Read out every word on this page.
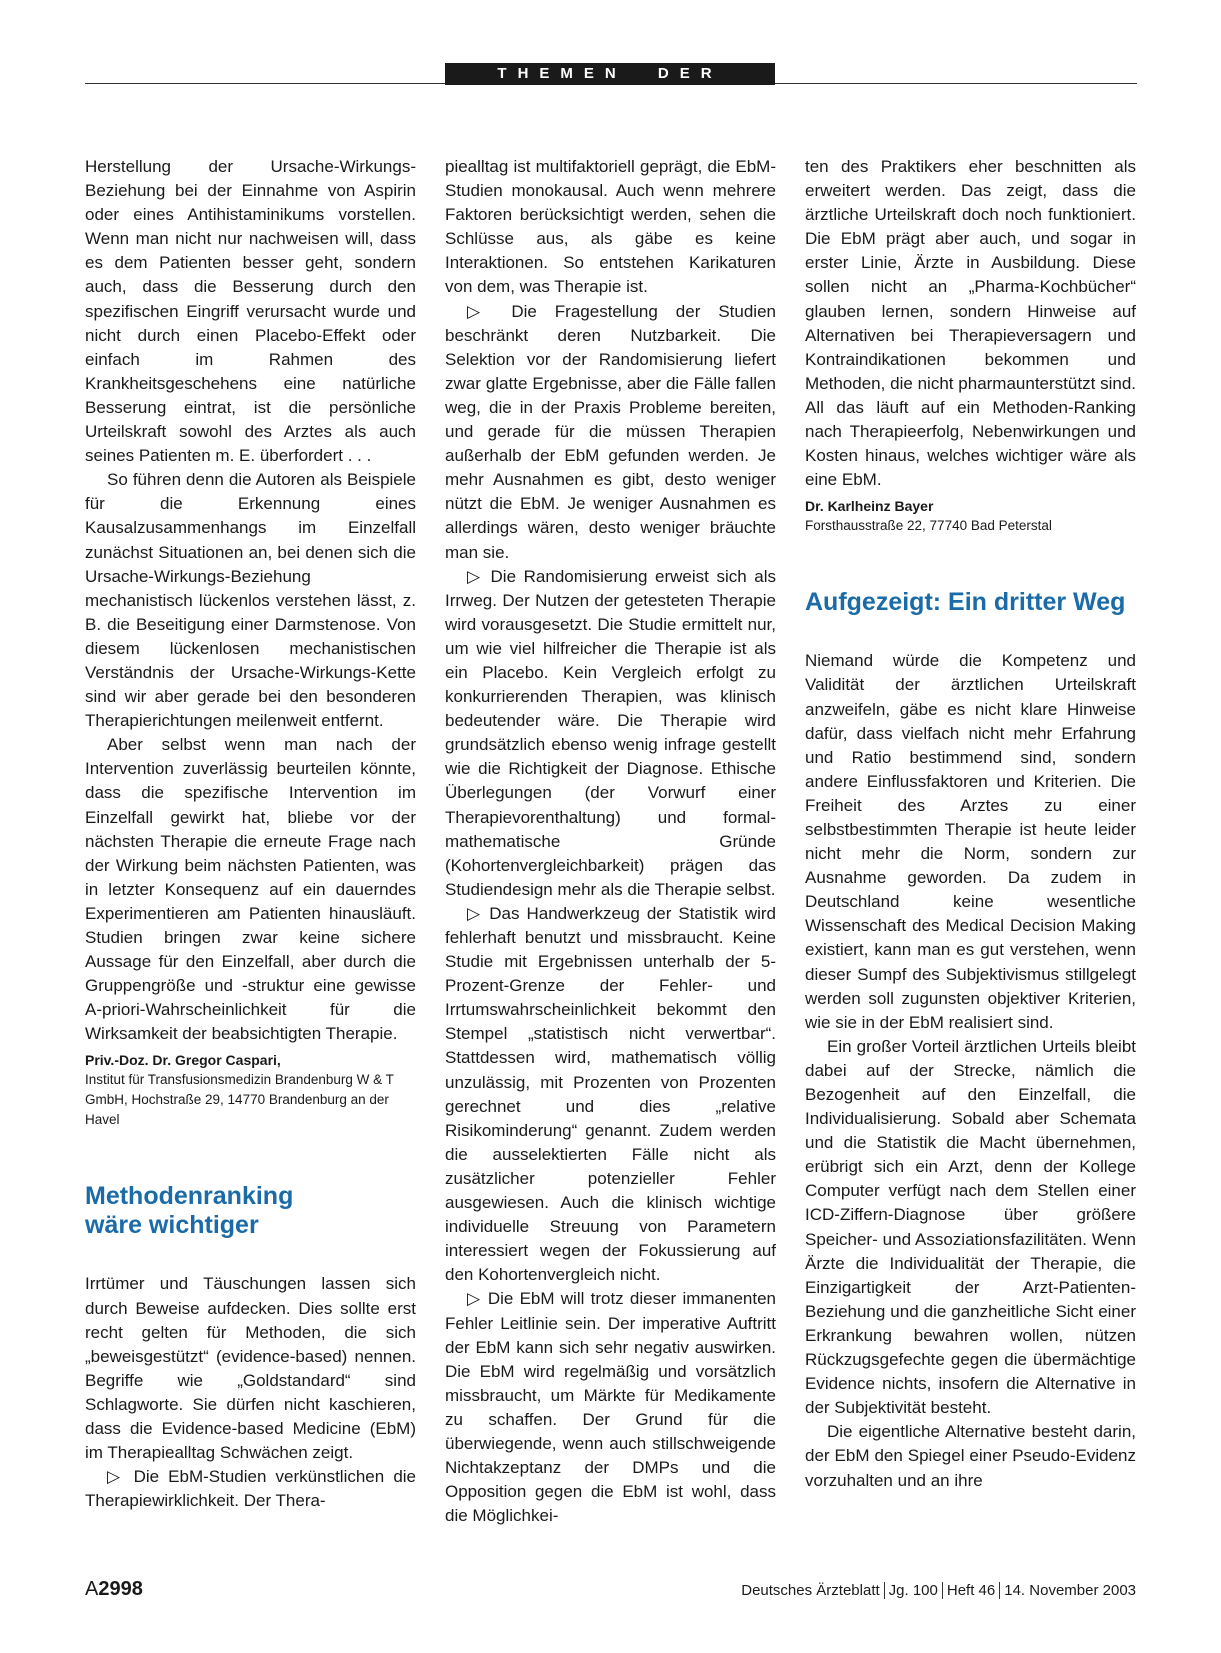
THEMEN DER ZEIT

Herstellung der Ursache-Wirkungs-Beziehung bei der Einnahme von Aspirin oder eines Antihistaminikums vorstellen. Wenn man nicht nur nachweisen will, dass es dem Patienten besser geht, sondern auch, dass die Besserung durch den spezifischen Eingriff verursacht wurde und nicht durch einen Placebo-Effekt oder einfach im Rahmen des Krankheitsgeschehens eine natürliche Besserung eintrat, ist die persönliche Urteilskraft sowohl des Arztes als auch seines Patienten m. E. überfordert . . .

So führen denn die Autoren als Beispiele für die Erkennung eines Kausalzusammenhangs im Einzelfall zunächst Situationen an, bei denen sich die Ursache-Wirkungs-Beziehung mechanistisch lückenlos verstehen lässt, z. B. die Beseitigung einer Darmstenose. Von diesem lückenlosen mechanistischen Verständnis der Ursache-Wirkungs-Kette sind wir aber gerade bei den besonderen Therapierichtungen meilenweit entfernt.

Aber selbst wenn man nach der Intervention zuverlässig beurteilen könnte, dass die spezifische Intervention im Einzelfall gewirkt hat, bliebe vor der nächsten Therapie die erneute Frage nach der Wirkung beim nächsten Patienten, was in letzter Konsequenz auf ein dauerndes Experimentieren am Patienten hinausläuft. Studien bringen zwar keine sichere Aussage für den Einzelfall, aber durch die Gruppengröße und -struktur eine gewisse A-priori-Wahrscheinlichkeit für die Wirksamkeit der beabsichtigten Therapie.

Priv.-Doz. Dr. Gregor Caspari,

Institut für Transfusionsmedizin Brandenburg W & T GmbH, Hochstraße 29, 14770 Brandenburg an der Havel

Methodenranking
wäre wichtiger

Irrtümer und Täuschungen lassen sich durch Beweise aufdecken. Dies sollte erst recht gelten für Methoden, die sich „beweisgestützt“ (evidence-based) nennen. Begriffe wie „Goldstandard“ sind Schlagworte. Sie dürfen nicht kaschieren, dass die Evidence-based Medicine (EbM) im Therapiealltag Schwächen zeigt.

▷ Die EbM-Studien verkünstlichen die Therapiewirklichkeit. Der Thera-

piealltag ist multifaktoriell geprägt, die EbM-Studien monokausal. Auch wenn mehrere Faktoren berücksichtigt werden, sehen die Schlüsse aus, als gäbe es keine Interaktionen. So entstehen Karikaturen von dem, was Therapie ist.

▷ Die Fragestellung der Studien beschränkt deren Nutzbarkeit. Die Selektion vor der Randomisierung liefert zwar glatte Ergebnisse, aber die Fälle fallen weg, die in der Praxis Probleme bereiten, und gerade für die müssen Therapien außerhalb der EbM gefunden werden. Je mehr Ausnahmen es gibt, desto weniger nützt die EbM. Je weniger Ausnahmen es allerdings wären, desto weniger bräuchte man sie.

▷ Die Randomisierung erweist sich als Irrweg. Der Nutzen der getesteten Therapie wird vorausgesetzt. Die Studie ermittelt nur, um wie viel hilfreicher die Therapie ist als ein Placebo. Kein Vergleich erfolgt zu konkurrierenden Therapien, was klinisch bedeutender wäre. Die Therapie wird grundsätzlich ebenso wenig infrage gestellt wie die Richtigkeit der Diagnose. Ethische Überlegungen (der Vorwurf einer Therapievorenthaltung) und formal-mathematische Gründe (Kohortenvergleichbarkeit) prägen das Studiendesign mehr als die Therapie selbst.

▷ Das Handwerkzeug der Statistik wird fehlerhaft benutzt und missbraucht. Keine Studie mit Ergebnissen unterhalb der 5-Prozent-Grenze der Fehler- und Irrtumswahrscheinlichkeit bekommt den Stempel „statistisch nicht verwertbar“. Stattdessen wird, mathematisch völlig unzulässig, mit Prozenten von Prozenten gerechnet und dies „relative Risikominderung“ genannt. Zudem werden die ausselektierten Fälle nicht als zusätzlicher potenzieller Fehler ausgewiesen. Auch die klinisch wichtige individuelle Streuung von Parametern interessiert wegen der Fokussierung auf den Kohortenvergleich nicht.

▷ Die EbM will trotz dieser immanenten Fehler Leitlinie sein. Der imperative Auftritt der EbM kann sich sehr negativ auswirken. Die EbM wird regelmäßig und vorsätzlich missbraucht, um Märkte für Medikamente zu schaffen. Der Grund für die überwiegende, wenn auch stillschweigende Nichtakzeptanz der DMPs und die Opposition gegen die EbM ist wohl, dass die Möglichkei-

ten des Praktikers eher beschnitten als erweitert werden. Das zeigt, dass die ärztliche Urteilskraft doch noch funktioniert. Die EbM prägt aber auch, und sogar in erster Linie, Ärzte in Ausbildung. Diese sollen nicht an „Pharma-Kochbücher“ glauben lernen, sondern Hinweise auf Alternativen bei Therapieversagern und Kontraindikationen bekommen und Methoden, die nicht pharmaunterstützt sind. All das läuft auf ein Methoden-Ranking nach Therapieerfolg, Nebenwirkungen und Kosten hinaus, welches wichtiger wäre als eine EbM.

Dr. Karlheinz Bayer

Forsthausstraße 22, 77740 Bad Peterstal

Aufgezeigt: Ein dritter Weg

Niemand würde die Kompetenz und Validität der ärztlichen Urteilskraft anzweifeln, gäbe es nicht klare Hinweise dafür, dass vielfach nicht mehr Erfahrung und Ratio bestimmend sind, sondern andere Einflussfaktoren und Kriterien. Die Freiheit des Arztes zu einer selbstbestimmten Therapie ist heute leider nicht mehr die Norm, sondern zur Ausnahme geworden. Da zudem in Deutschland keine wesentliche Wissenschaft des Medical Decision Making existiert, kann man es gut verstehen, wenn dieser Sumpf des Subjektivismus stillgelegt werden soll zugunsten objektiver Kriterien, wie sie in der EbM realisiert sind.

Ein großer Vorteil ärztlichen Urteils bleibt dabei auf der Strecke, nämlich die Bezogenheit auf den Einzelfall, die Individualisierung. Sobald aber Schemata und die Statistik die Macht übernehmen, erübrigt sich ein Arzt, denn der Kollege Computer verfügt nach dem Stellen einer ICD-Ziffern-Diagnose über größere Speicher- und Assoziationsfazilitäten. Wenn Ärzte die Individualität der Therapie, die Einzigartigkeit der Arzt-Patienten-Beziehung und die ganzheitliche Sicht einer Erkrankung bewahren wollen, nützen Rückzugsgefechte gegen die übermächtige Evidence nichts, insofern die Alternative in der Subjektivität besteht.

Die eigentliche Alternative besteht darin, der EbM den Spiegel einer Pseudo-Evidenz vorzuhalten und an ihre

A2998	Deutsches Ärzteblatt Jg. 100 Heft 46 14. November 2003
